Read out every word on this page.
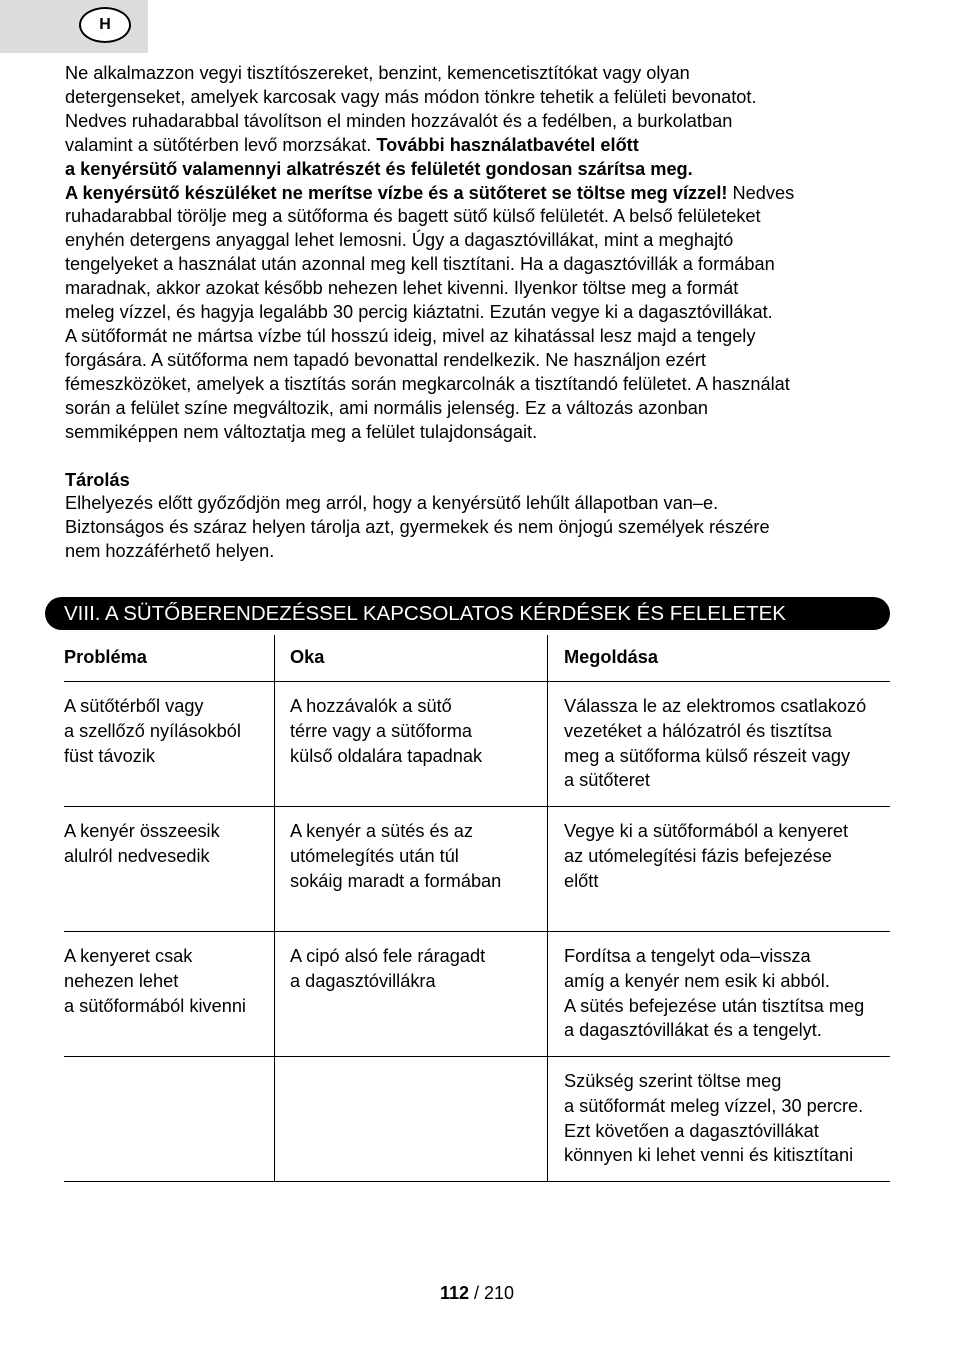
H

Ne alkalmazzon vegyi tisztítószereket, benzint, kemencetisztítókat vagy olyan

detergenseket, amelyek karcosak vagy más módon tönkre tehetik a felületi bevonatot.

Nedves ruhadarabbal távolítson el minden hozzávalót és a fedélben, a burkolatban

valamint a sütőtérben levő morzsákat. További használatbavétel előtt

a kenyérsütő valamennyi alkatrészét és felületét gondosan szárítsa meg.

A kenyérsütő készüléket ne merítse vízbe és a sütőteret se töltse meg vízzel! Nedves

ruhadarabbal törölje meg a sütőforma és bagett sütő külső felületét. A belső felületeket

enyhén detergens anyaggal lehet lemosni. Úgy a dagasztóvillákat, mint a meghajtó

tengelyeket a használat után azonnal meg kell tisztítani. Ha a dagasztóvillák a formában

maradnak, akkor azokat később nehezen lehet kivenni. Ilyenkor töltse meg a formát

meleg vízzel, és hagyja legalább 30 percig kiáztatni. Ezután vegye ki a dagasztóvillákat.

A sütőformát ne mártsa vízbe túl hosszú ideig, mivel az kihatással lesz majd a tengely

forgására. A sütőforma nem tapadó bevonattal rendelkezik. Ne használjon ezért

fémeszközöket, amelyek a tisztítás során megkarcolnák a tisztítandó felületet. A használat

során a felület színe megváltozik, ami normális jelenség. Ez a változás azonban

semmiképpen nem változtatja meg a felület tulajdonságait.

Tárolás

Elhelyezés előtt győződjön meg arról, hogy a kenyérsütő lehűlt állapotban van–e.

Biztonságos és száraz helyen tárolja azt, gyermekek és nem önjogú személyek részére

nem hozzáférhető helyen.

VIII. A SÜTŐBERENDEZÉSSEL KAPCSOLATOS KÉRDÉSEK ÉS FELELETEK
Probléma	Oka	Megoldása

A sütőtérből vagy
a szellőző nyílásokból
füst távozik	A hozzávalók a sütő
térre vagy a sütőforma
külső oldalára tapadnak	Válassza le az elektromos csatlakozó
vezetéket a hálózatról és tisztítsa
meg a sütőforma külső részeit vagy
a sütőteret

A kenyér összeesik
alulról nedvesedik	A kenyér a sütés és az
utómelegítés után túl
sokáig maradt a formában	Vegye ki a sütőformából a kenyeret
az utómelegítési fázis befejezése
előtt

A kenyeret csak
nehezen lehet
a sütőformából kivenni	A cipó alsó fele ráragadt
a dagasztóvillákra	Fordítsa a tengelyt oda–vissza
amíg a kenyér nem esik ki abból.
A sütés befejezése után tisztítsa meg
a dagasztóvillákat és a tengelyt.

		Szükség szerint töltse meg
a sütőformát meleg vízzel, 30 percre.
Ezt követően a dagasztóvillákat
könnyen ki lehet venni és kitisztítani
112 / 210
